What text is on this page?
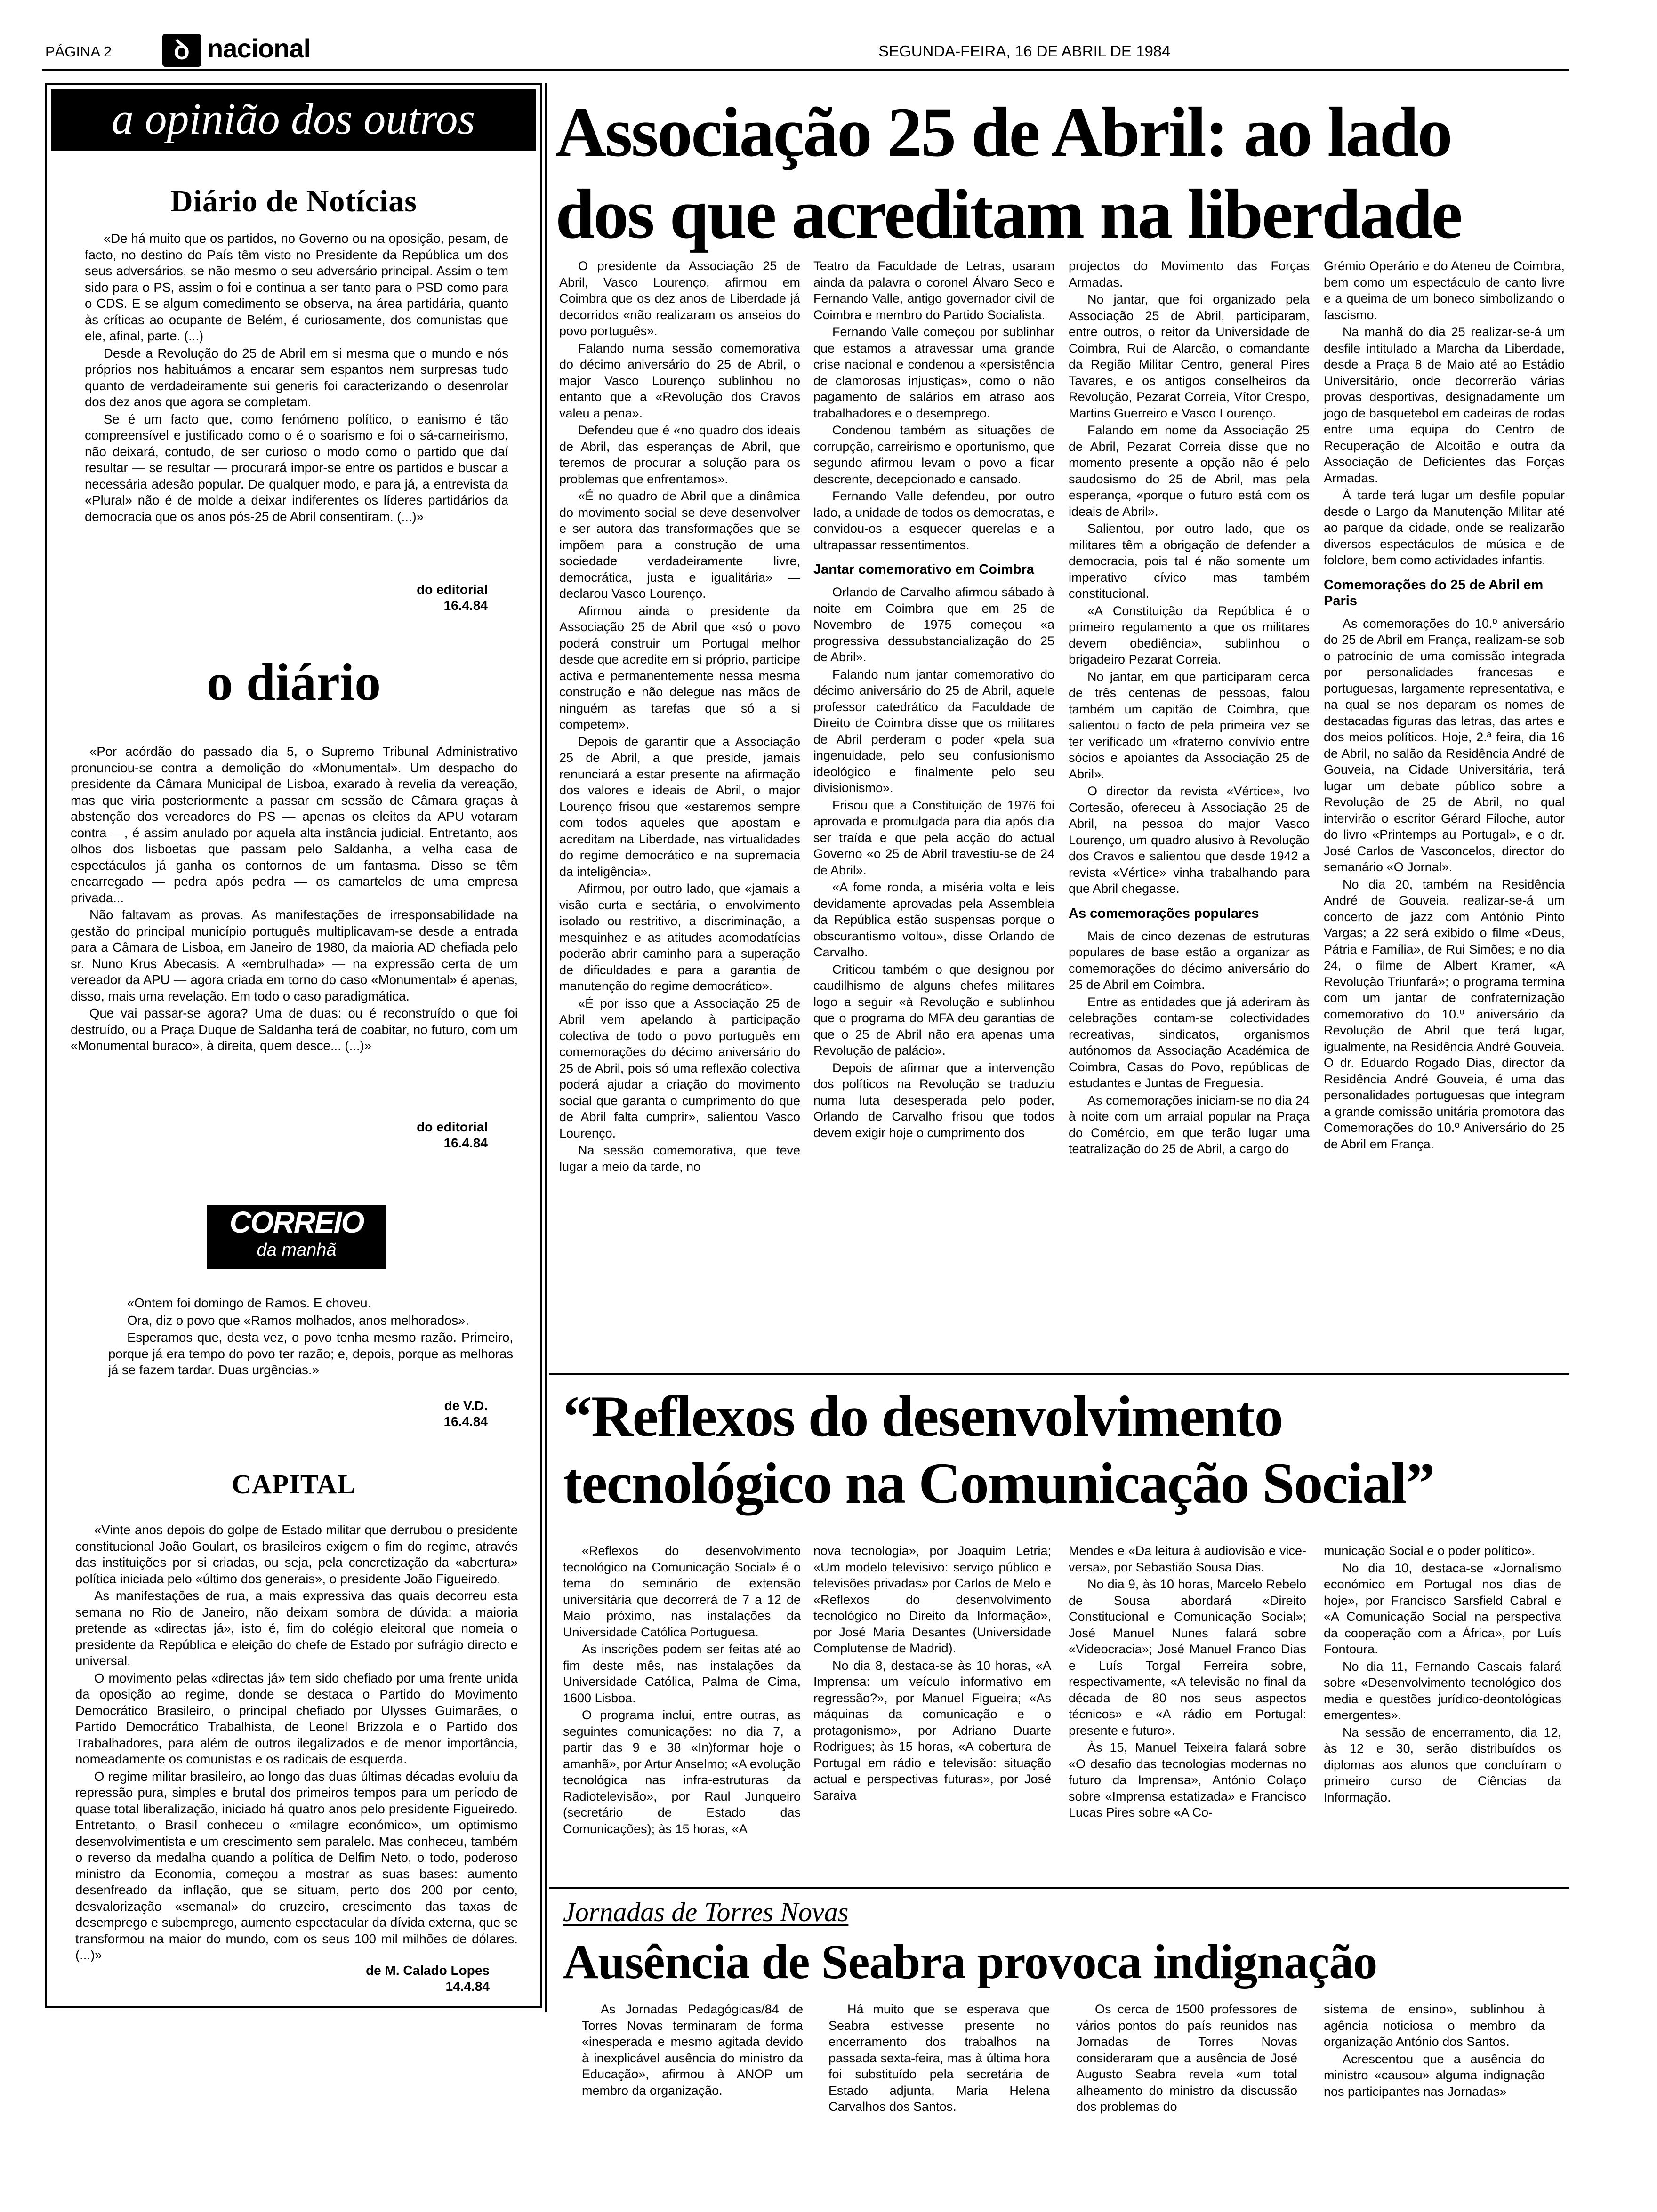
PÁGINA 2	ꝺ nacional	SEGUNDA-FEIRA, 16 DE ABRIL DE 1984
a opinião dos outros
Diário de Notícias

«De há muito que os partidos, no Governo ou na oposição, pesam, de facto, no destino do País têm visto no Presidente da República um dos seus adversários, se não mesmo o seu adversário principal. Assim o tem sido para o PS, assim o foi e continua a ser tanto para o PSD como para o CDS. E se algum comedimento se observa, na área partidária, quanto às críticas ao ocupante de Belém, é curiosamente, dos comunistas que ele, afinal, parte. (...)

Desde a Revolução do 25 de Abril em si mesma que o mundo e nós próprios nos habituámos a encarar sem espantos nem surpresas tudo quanto de verdadeiramente sui generis foi caracterizando o desenrolar dos dez anos que agora se completam.

Se é um facto que, como fenómeno político, o eanismo é tão compreensível e justificado como o é o soarismo e foi o sá-carneirismo, não deixará, contudo, de ser curioso o modo como o partido que daí resultar — se resultar — procurará impor-se entre os partidos e buscar a necessária adesão popular. De qualquer modo, e para já, a entrevista da «Plural» não é de molde a deixar indiferentes os líderes partidários da democracia que os anos pós-25 de Abril consentiram. (...)»

do editorial
16.4.84
o diário

«Por acórdão do passado dia 5, o Supremo Tribunal Administrativo pronunciou-se contra a demolição do «Monumental». Um despacho do presidente da Câmara Municipal de Lisboa, exarado à revelia da vereação, mas que viria posteriormente a passar em sessão de Câmara graças à abstenção dos vereadores do PS — apenas os eleitos da APU votaram contra —, é assim anulado por aquela alta instância judicial. Entretanto, aos olhos dos lisboetas que passam pelo Saldanha, a velha casa de espectáculos já ganha os contornos de um fantasma. Disso se têm encarregado — pedra após pedra — os camartelos de uma empresa privada...

Não faltavam as provas. As manifestações de irresponsabilidade na gestão do principal município português multiplicavam-se desde a entrada para a Câmara de Lisboa, em Janeiro de 1980, da maioria AD chefiada pelo sr. Nuno Krus Abecasis. A «embrulhada» — na expressão certa de um vereador da APU — agora criada em torno do caso «Monumental» é apenas, disso, mais uma revelação. Em todo o caso paradigmática.

Que vai passar-se agora? Uma de duas: ou é reconstruído o que foi destruído, ou a Praça Duque de Saldanha terá de coabitar, no futuro, com um «Monumental buraco», à direita, quem desce... (...)»

do editorial
16.4.84
CORREIO
da manhã

«Ontem foi domingo de Ramos. E choveu.

Ora, diz o povo que «Ramos molhados, anos melhorados».

Esperamos que, desta vez, o povo tenha mesmo razão. Primeiro, porque já era tempo do povo ter razão; e, depois, porque as melhoras já se fazem tardar. Duas urgências.»

de V.D.
16.4.84
CAPITAL

«Vinte anos depois do golpe de Estado militar que derrubou o presidente constitucional João Goulart, os brasileiros exigem o fim do regime, através das instituições por si criadas, ou seja, pela concretização da «abertura» política iniciada pelo «último dos generais», o presidente João Figueiredo.

As manifestações de rua, a mais expressiva das quais decorreu esta semana no Rio de Janeiro, não deixam sombra de dúvida: a maioria pretende as «directas já», isto é, fim do colégio eleitoral que nomeia o presidente da República e eleição do chefe de Estado por sufrágio directo e universal.

O movimento pelas «directas já» tem sido chefiado por uma frente unida da oposição ao regime, donde se destaca o Partido do Movimento Democrático Brasileiro, o principal chefiado por Ulysses Guimarães, o Partido Democrático Trabalhista, de Leonel Brizzola e o Partido dos Trabalhadores, para além de outros ilegalizados e de menor importância, nomeadamente os comunistas e os radicais de esquerda.

O regime militar brasileiro, ao longo das duas últimas décadas evoluiu da repressão pura, simples e brutal dos primeiros tempos para um período de quase total liberalização, iniciado há quatro anos pelo presidente Figueiredo. Entretanto, o Brasil conheceu o «milagre económico», um optimismo desenvolvimentista e um crescimento sem paralelo. Mas conheceu, também o reverso da medalha quando a política de Delfim Neto, o todo, poderoso ministro da Economia, começou a mostrar as suas bases: aumento desenfreado da inflação, que se situam, perto dos 200 por cento, desvalorização «semanal» do cruzeiro, crescimento das taxas de desemprego e subemprego, aumento espectacular da dívida externa, que se transformou na maior do mundo, com os seus 100 mil milhões de dólares. (...)»

de M. Calado Lopes
14.4.84
Associação 25 de Abril: ao lado
dos que acreditam na liberdade

O presidente da Associação 25 de Abril, Vasco Lourenço, afirmou em Coimbra que os dez anos de Liberdade já decorridos «não realizaram os anseios do povo português».

Falando numa sessão comemorativa do décimo aniversário do 25 de Abril, o major Vasco Lourenço sublinhou no entanto que a «Revolução dos Cravos valeu a pena».

Defendeu que é «no quadro dos ideais de Abril, das esperanças de Abril, que teremos de procurar a solução para os problemas que enfrentamos».

«É no quadro de Abril que a dinâmica do movimento social se deve desenvolver e ser autora das transformações que se impõem para a construção de uma sociedade verdadeiramente livre, democrática, justa e igualitária» — declarou Vasco Lourenço.

Afirmou ainda o presidente da Associação 25 de Abril que «só o povo poderá construir um Portugal melhor desde que acredite em si próprio, participe activa e permanentemente nessa mesma construção e não delegue nas mãos de ninguém as tarefas que só a si competem».

Depois de garantir que a Associação 25 de Abril, a que preside, jamais renunciará a estar presente na afirmação dos valores e ideais de Abril, o major Lourenço frisou que «estaremos sempre com todos aqueles que apostam e acreditam na Liberdade, nas virtualidades do regime democrático e na supremacia da inteligência».

Afirmou, por outro lado, que «jamais a visão curta e sectária, o envolvimento isolado ou restritivo, a discriminação, a mesquinhez e as atitudes acomodatícias poderão abrir caminho para a superação de dificuldades e para a garantia de manutenção do regime democrático».

«É por isso que a Associação 25 de Abril vem apelando à participação colectiva de todo o povo português em comemorações do décimo aniversário do 25 de Abril, pois só uma reflexão colectiva poderá ajudar a criação do movimento social que garanta o cumprimento do que de Abril falta cumprir», salientou Vasco Lourenço.

Na sessão comemorativa, que teve lugar a meio da tarde, no

Teatro da Faculdade de Letras, usaram ainda da palavra o coronel Álvaro Seco e Fernando Valle, antigo governador civil de Coimbra e membro do Partido Socialista.

Fernando Valle começou por sublinhar que estamos a atravessar uma grande crise nacional e condenou a «persistência de clamorosas injustiças», como o não pagamento de salários em atraso aos trabalhadores e o desemprego.

Condenou também as situações de corrupção, carreirismo e oportunismo, que segundo afirmou levam o povo a ficar descrente, decepcionado e cansado.

Fernando Valle defendeu, por outro lado, a unidade de todos os democratas, e convidou-os a esquecer querelas e a ultrapassar ressentimentos.

Jantar comemorativo em Coimbra

Orlando de Carvalho afirmou sábado à noite em Coimbra que em 25 de Novembro de 1975 começou «a progressiva dessubstancialização do 25 de Abril».

Falando num jantar comemorativo do décimo aniversário do 25 de Abril, aquele professor catedrático da Faculdade de Direito de Coimbra disse que os militares de Abril perderam o poder «pela sua ingenuidade, pelo seu confusionismo ideológico e finalmente pelo seu divisionismo».

Frisou que a Constituição de 1976 foi aprovada e promulgada para dia após dia ser traída e que pela acção do actual Governo «o 25 de Abril travestiu-se de 24 de Abril».

«A fome ronda, a miséria volta e leis devidamente aprovadas pela Assembleia da República estão suspensas porque o obscurantismo voltou», disse Orlando de Carvalho.

Criticou também o que designou por caudilhismo de alguns chefes militares logo a seguir «à Revolução e sublinhou que o programa do MFA deu garantias de que o 25 de Abril não era apenas uma Revolução de palácio».

Depois de afirmar que a intervenção dos políticos na Revolução se traduziu numa luta desesperada pelo poder, Orlando de Carvalho frisou que todos devem exigir hoje o cumprimento dos

projectos do Movimento das Forças Armadas.

No jantar, que foi organizado pela Associação 25 de Abril, participaram, entre outros, o reitor da Universidade de Coimbra, Rui de Alarcão, o comandante da Região Militar Centro, general Pires Tavares, e os antigos conselheiros da Revolução, Pezarat Correia, Vítor Crespo, Martins Guerreiro e Vasco Lourenço.

Falando em nome da Associação 25 de Abril, Pezarat Correia disse que no momento presente a opção não é pelo saudosismo do 25 de Abril, mas pela esperança, «porque o futuro está com os ideais de Abril».

Salientou, por outro lado, que os militares têm a obrigação de defender a democracia, pois tal é não somente um imperativo cívico mas também constitucional.

«A Constituição da República é o primeiro regulamento a que os militares devem obediência», sublinhou o brigadeiro Pezarat Correia.

No jantar, em que participaram cerca de três centenas de pessoas, falou também um capitão de Coimbra, que salientou o facto de pela primeira vez se ter verificado um «fraterno convívio entre sócios e apoiantes da Associação 25 de Abril».

O director da revista «Vértice», Ivo Cortesão, ofereceu à Associação 25 de Abril, na pessoa do major Vasco Lourenço, um quadro alusivo à Revolução dos Cravos e salientou que desde 1942 a revista «Vértice» vinha trabalhando para que Abril chegasse.

As comemorações populares

Mais de cinco dezenas de estruturas populares de base estão a organizar as comemorações do décimo aniversário do 25 de Abril em Coimbra.

Entre as entidades que já aderiram às celebrações contam-se colectividades recreativas, sindicatos, organismos autónomos da Associação Académica de Coimbra, Casas do Povo, repúblicas de estudantes e Juntas de Freguesia.

As comemorações iniciam-se no dia 24 à noite com um arraial popular na Praça do Comércio, em que terão lugar uma teatralização do 25 de Abril, a cargo do

Grémio Operário e do Ateneu de Coimbra, bem como um espectáculo de canto livre e a queima de um boneco simbolizando o fascismo.

Na manhã do dia 25 realizar-se-á um desfile intitulado a Marcha da Liberdade, desde a Praça 8 de Maio até ao Estádio Universitário, onde decorrerão várias provas desportivas, designadamente um jogo de basquetebol em cadeiras de rodas entre uma equipa do Centro de Recuperação de Alcoitão e outra da Associação de Deficientes das Forças Armadas.

À tarde terá lugar um desfile popular desde o Largo da Manutenção Militar até ao parque da cidade, onde se realizarão diversos espectáculos de música e de folclore, bem como actividades infantis.

Comemorações do 25 de Abril em Paris

As comemorações do 10.º aniversário do 25 de Abril em França, realizam-se sob o patrocínio de uma comissão integrada por personalidades francesas e portuguesas, largamente representativa, e na qual se nos deparam os nomes de destacadas figuras das letras, das artes e dos meios políticos. Hoje, 2.ª feira, dia 16 de Abril, no salão da Residência André de Gouveia, na Cidade Universitária, terá lugar um debate público sobre a Revolução de 25 de Abril, no qual intervirão o escritor Gérard Filoche, autor do livro «Printemps au Portugal», e o dr. José Carlos de Vasconcelos, director do semanário «O Jornal».

No dia 20, também na Residência André de Gouveia, realizar-se-á um concerto de jazz com António Pinto Vargas; a 22 será exibido o filme «Deus, Pátria e Família», de Rui Simões; e no dia 24, o filme de Albert Kramer, «A Revolução Triunfará»; o programa termina com um jantar de confraternização comemorativo do 10.º aniversário da Revolução de Abril que terá lugar, igualmente, na Residência André Gouveia. O dr. Eduardo Rogado Dias, director da Residência André Gouveia, é uma das personalidades portuguesas que integram a grande comissão unitária promotora das Comemorações do 10.º Aniversário do 25 de Abril em França.

“Reflexos do desenvolvimento
tecnológico na Comunicação Social”

«Reflexos do desenvolvimento tecnológico na Comunicação Social» é o tema do seminário de extensão universitária que decorrerá de 7 a 12 de Maio próximo, nas instalações da Universidade Católica Portuguesa.

As inscrições podem ser feitas até ao fim deste mês, nas instalações da Universidade Católica, Palma de Cima, 1600 Lisboa.

O programa inclui, entre outras, as seguintes comunicações: no dia 7, a partir das 9 e 38 «In)formar hoje o amanhã», por Artur Anselmo; «A evolução tecnológica nas infra-estruturas da Radiotelevisão», por Raul Junqueiro (secretário de Estado das Comunicações); às 15 horas, «A

nova tecnologia», por Joaquim Letria; «Um modelo televisivo: serviço público e televisões privadas» por Carlos de Melo e «Reflexos do desenvolvimento tecnológico no Direito da Informação», por José Maria Desantes (Universidade Complutense de Madrid).

No dia 8, destaca-se às 10 horas, «A Imprensa: um veículo informativo em regressão?», por Manuel Figueira; «As máquinas da comunicação e o protagonismo», por Adriano Duarte Rodrigues; às 15 horas, «A cobertura de Portugal em rádio e televisão: situação actual e perspectivas futuras», por José Saraiva

Mendes e «Da leitura à audiovisão e vice-versa», por Sebastião Sousa Dias.

No dia 9, às 10 horas, Marcelo Rebelo de Sousa abordará «Direito Constitucional e Comunicação Social»; José Manuel Nunes falará sobre «Videocracia»; José Manuel Franco Dias e Luís Torgal Ferreira sobre, respectivamente, «A televisão no final da década de 80 nos seus aspectos técnicos» e «A rádio em Portugal: presente e futuro».

Às 15, Manuel Teixeira falará sobre «O desafio das tecnologias modernas no futuro da Imprensa», António Colaço sobre «Imprensa estatizada» e Francisco Lucas Pires sobre «A Co-

municação Social e o poder político».

No dia 10, destaca-se «Jornalismo económico em Portugal nos dias de hoje», por Francisco Sarsfield Cabral e «A Comunicação Social na perspectiva da cooperação com a África», por Luís Fontoura.

No dia 11, Fernando Cascais falará sobre «Desenvolvimento tecnológico dos media e questões jurídico-deontológicas emergentes».

Na sessão de encerramento, dia 12, às 12 e 30, serão distribuídos os diplomas aos alunos que concluíram o primeiro curso de Ciências da Informação.

Jornadas de Torres Novas
Ausência de Seabra provoca indignação

As Jornadas Pedagógicas/84 de Torres Novas terminaram de forma «inesperada e mesmo agitada devido à inexplicável ausência do ministro da Educação», afirmou à ANOP um membro da organização.

Há muito que se esperava que Seabra estivesse presente no encerramento dos trabalhos na passada sexta-feira, mas à última hora foi substituído pela secretária de Estado adjunta, Maria Helena Carvalhos dos Santos.

Os cerca de 1500 professores de vários pontos do país reunidos nas Jornadas de Torres Novas consideraram que a ausência de José Augusto Seabra revela «um total alheamento do ministro da discussão dos problemas do

sistema de ensino», sublinhou à agência noticiosa o membro da organização António dos Santos.

Acrescentou que a ausência do ministro «causou» alguma indignação nos participantes nas Jornadas»
